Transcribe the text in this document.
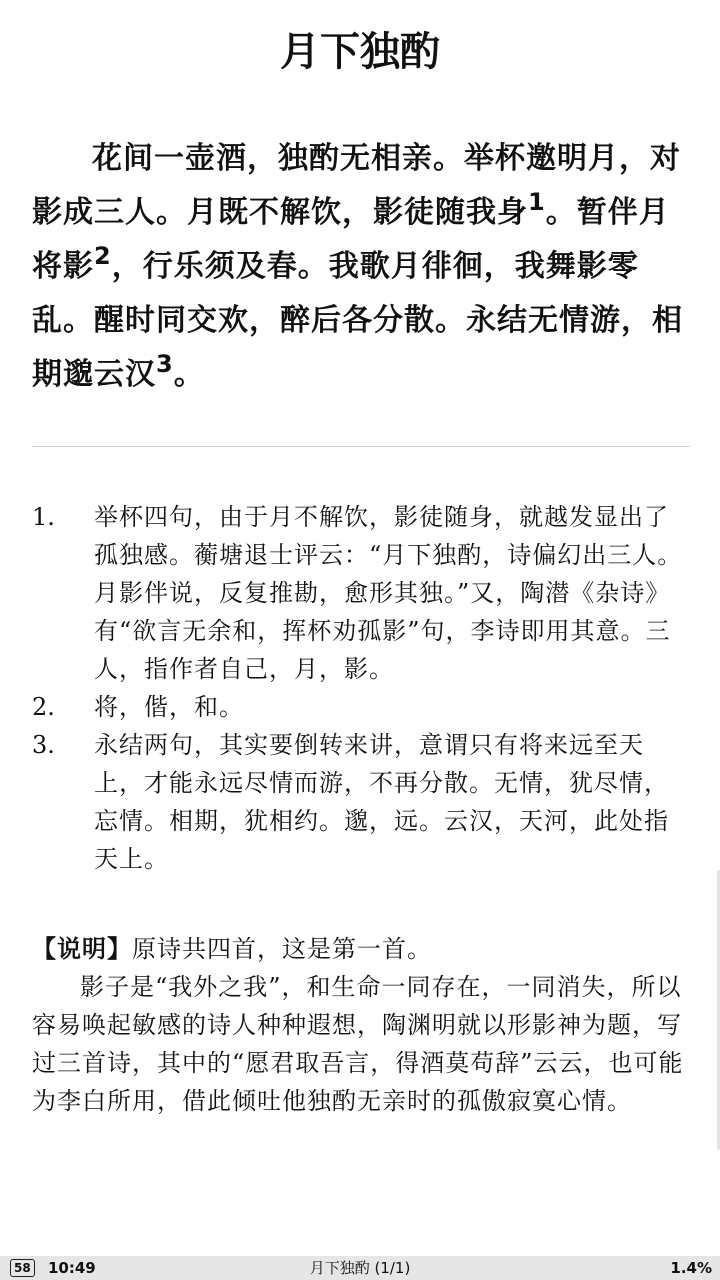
月下独酌
花间一壶酒，独酌无相亲。举杯邀明月，对影成三人。月既不解饮，影徒随我身$^1$。暂伴月将影$^2$，行乐须及春。我歌月徘徊，我舞影零乱。醒时同交欢，醉后各分散。永结无情游，相期邈云汉$^3$。
1.	举杯四句，由于月不解饮，影徒随身，就越发显出了孤独感。蘅塘退士评云：“月下独酌，诗偏幻出三人。月影伴说，反复推勘，愈形其独。”又，陶潜《杂诗》有“欲言无余和，挥杯劝孤影”句，李诗即用其意。三人，指作者自己，月，影。
2.	将，偕，和。
3.	永结两句，其实要倒转来讲，意谓只有将来远至天上，才能永远尽情而游，不再分散。无情，犹尽情，忘情。相期，犹相约。邈，远。云汉，天河，此处指天上。

【说明】原诗共四首，这是第一首。

影子是“我外之我”，和生命一同存在，一同消失，所以容易唤起敏感的诗人种种遐想，陶渊明就以形影神为题，写过三首诗，其中的“愿君取吾言，得酒莫苟辞”云云，也可能为李白所用，借此倾吐他独酌无亲时的孤傲寂寞心情。

58 10:49	月下独酌 (1/1)	1.4%
